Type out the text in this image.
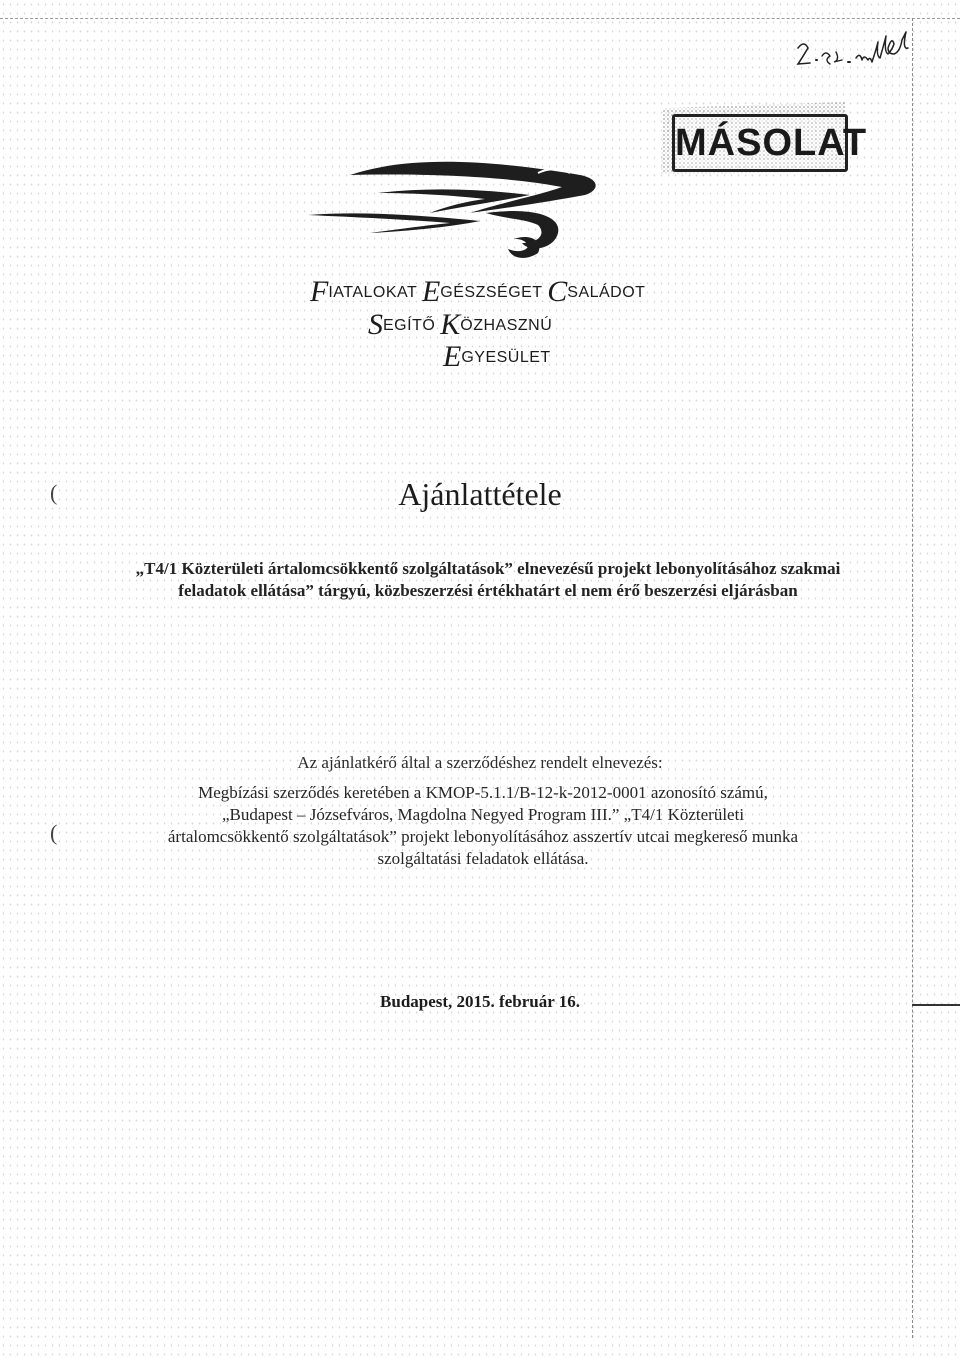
MÁSOLAT
FIATALOKAT EGÉSZSÉGET CSALÁDOT
SEGÍTŐ KÖZHASZNÚ
EGYESÜLET
(
(
Ajánlattétele
„T4/1 Közterületi ártalomcsökkentő szolgáltatások” elnevezésű projekt lebonyolításához szakmai feladatok ellátása” tárgyú, közbeszerzési értékhatárt el nem érő beszerzési eljárásban
Az ajánlatkérő által a szerződéshez rendelt elnevezés:

Megbízási szerződés keretében a KMOP-5.1.1/B-12-k-2012-0001 azonosító számú,

„Budapest – Józsefváros, Magdolna Negyed Program III.” „T4/1 Közterületi

ártalomcsökkentő szolgáltatások” projekt lebonyolításához asszertív utcai megkereső munka

szolgáltatási feladatok ellátása.

Budapest, 2015. február 16.
